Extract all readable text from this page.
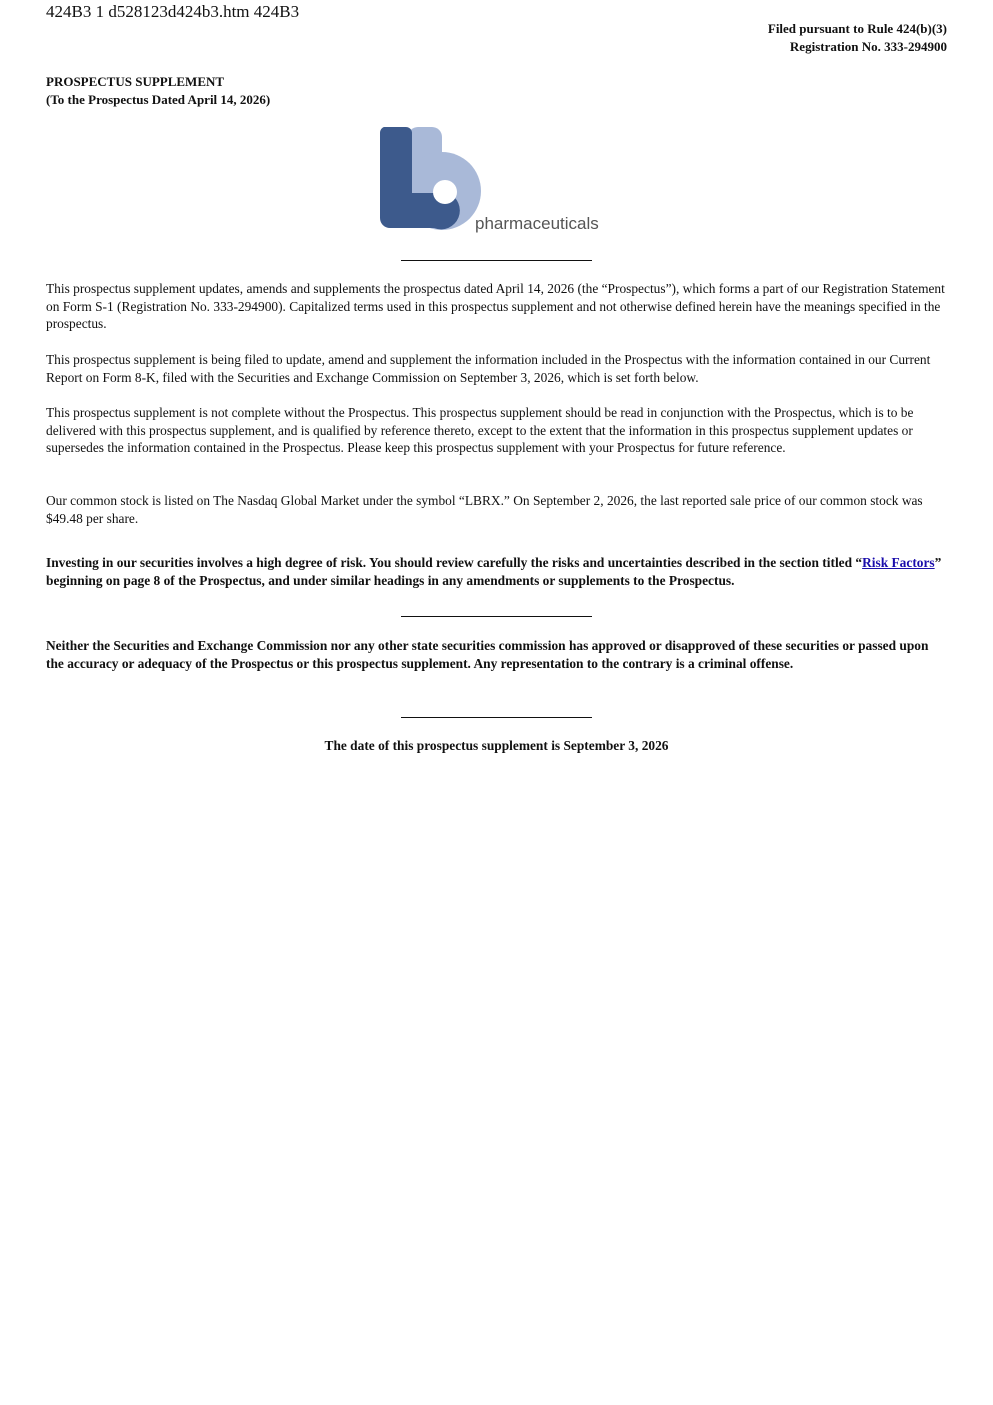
424B3 1 d528123d424b3.htm 424B3
Filed pursuant to Rule 424(b)(3)
Registration No. 333-294900
PROSPECTUS SUPPLEMENT
(To the Prospectus Dated April 14, 2026)
pharmaceuticals

This prospectus supplement updates, amends and supplements the prospectus dated April 14, 2026 (the “Prospectus”), which forms a part of our Registration Statement on Form S-1 (Registration No. 333-294900). Capitalized terms used in this prospectus supplement and not otherwise defined herein have the meanings specified in the prospectus.

This prospectus supplement is being filed to update, amend and supplement the information included in the Prospectus with the information contained in our Current Report on Form 8-K, filed with the Securities and Exchange Commission on September 3, 2026, which is set forth below.

This prospectus supplement is not complete without the Prospectus. This prospectus supplement should be read in conjunction with the Prospectus, which is to be delivered with this prospectus supplement, and is qualified by reference thereto, except to the extent that the information in this prospectus supplement updates or supersedes the information contained in the Prospectus. Please keep this prospectus supplement with your Prospectus for future reference.

Our common stock is listed on The Nasdaq Global Market under the symbol “LBRX.” On September 2, 2026, the last reported sale price of our common stock was $49.48 per share.

Investing in our securities involves a high degree of risk. You should review carefully the risks and uncertainties described in the section titled “Risk Factors” beginning on page 8 of the Prospectus, and under similar headings in any amendments or supplements to the Prospectus.

Neither the Securities and Exchange Commission nor any other state securities commission has approved or disapproved of these securities or passed upon the accuracy or adequacy of the Prospectus or this prospectus supplement. Any representation to the contrary is a criminal offense.

The date of this prospectus supplement is September 3, 2026
